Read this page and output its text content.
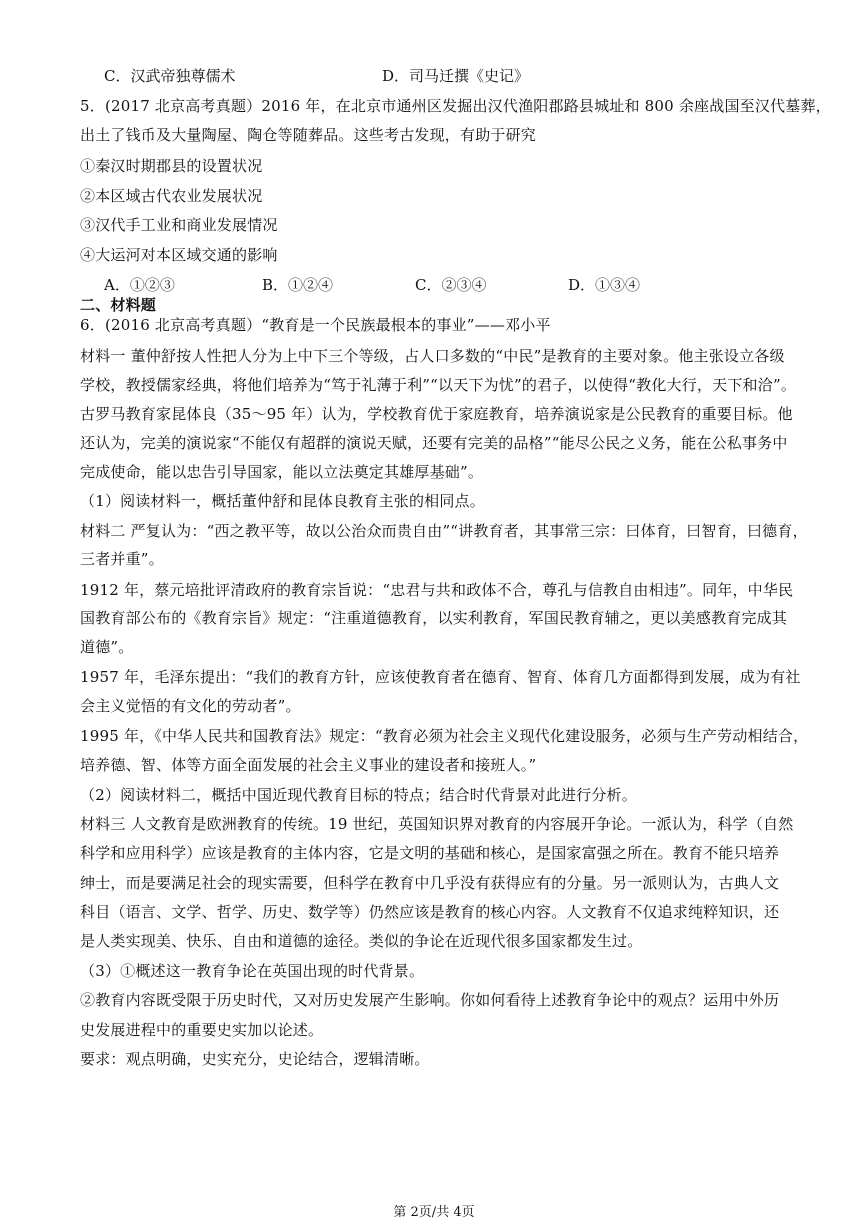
C．汉武帝独尊儒术	D．司马迁撰《史记》
5．(2017 北京高考真题）2016 年，在北京市通州区发掘出汉代渔阳郡路县城址和 800 余座战国至汉代墓葬，
出土了钱币及大量陶屋、陶仓等随葬品。这些考古发现，有助于研究
①秦汉时期郡县的设置状况
②本区域古代农业发展状况
③汉代手工业和商业发展情况
④大运河对本区域交通的影响
A．①②③	B．①②④	C．②③④	D．①③④
二、材料题
6．(2016 北京高考真题）“教育是一个民族最根本的事业”——邓小平
材料一 董仲舒按人性把人分为上中下三个等级，占人口多数的“中民”是教育的主要对象。他主张设立各级
学校，教授儒家经典，将他们培养为“笃于礼薄于利”“以天下为忧”的君子，以使得“教化大行，天下和洽”。
古罗马教育家昆体良（35～95 年）认为，学校教育优于家庭教育，培养演说家是公民教育的重要目标。他
还认为，完美的演说家“不能仅有超群的演说天赋，还要有完美的品格”“能尽公民之义务，能在公私事务中
完成使命，能以忠告引导国家，能以立法奠定其雄厚基础”。
（1）阅读材料一，概括董仲舒和昆体良教育主张的相同点。
材料二 严复认为：“西之教平等，故以公治众而贵自由”“讲教育者，其事常三宗：曰体育，曰智育，曰德育，
三者并重”。
1912 年，蔡元培批评清政府的教育宗旨说：“忠君与共和政体不合，尊孔与信教自由相违”。同年，中华民
国教育部公布的《教育宗旨》规定：“注重道德教育，以实利教育，军国民教育辅之，更以美感教育完成其
道德”。
1957 年，毛泽东提出：“我们的教育方针，应该使教育者在德育、智育、体育几方面都得到发展，成为有社
会主义觉悟的有文化的劳动者”。
1995 年，《中华人民共和国教育法》规定：“教育必须为社会主义现代化建设服务，必须与生产劳动相结合，
培养德、智、体等方面全面发展的社会主义事业的建设者和接班人。”
（2）阅读材料二，概括中国近现代教育目标的特点；结合时代背景对此进行分析。
材料三 人文教育是欧洲教育的传统。19 世纪，英国知识界对教育的内容展开争论。一派认为，科学（自然
科学和应用科学）应该是教育的主体内容，它是文明的基础和核心，是国家富强之所在。教育不能只培养
绅士，而是要满足社会的现实需要，但科学在教育中几乎没有获得应有的分量。另一派则认为，古典人文
科目（语言、文学、哲学、历史、数学等）仍然应该是教育的核心内容。人文教育不仅追求纯粹知识，还
是人类实现美、快乐、自由和道德的途径。类似的争论在近现代很多国家都发生过。
（3）①概述这一教育争论在英国出现的时代背景。
②教育内容既受限于历史时代，又对历史发展产生影响。你如何看待上述教育争论中的观点？运用中外历
史发展进程中的重要史实加以论述。
要求：观点明确，史实充分，史论结合，逻辑清晰。
第 2页/共 4页
